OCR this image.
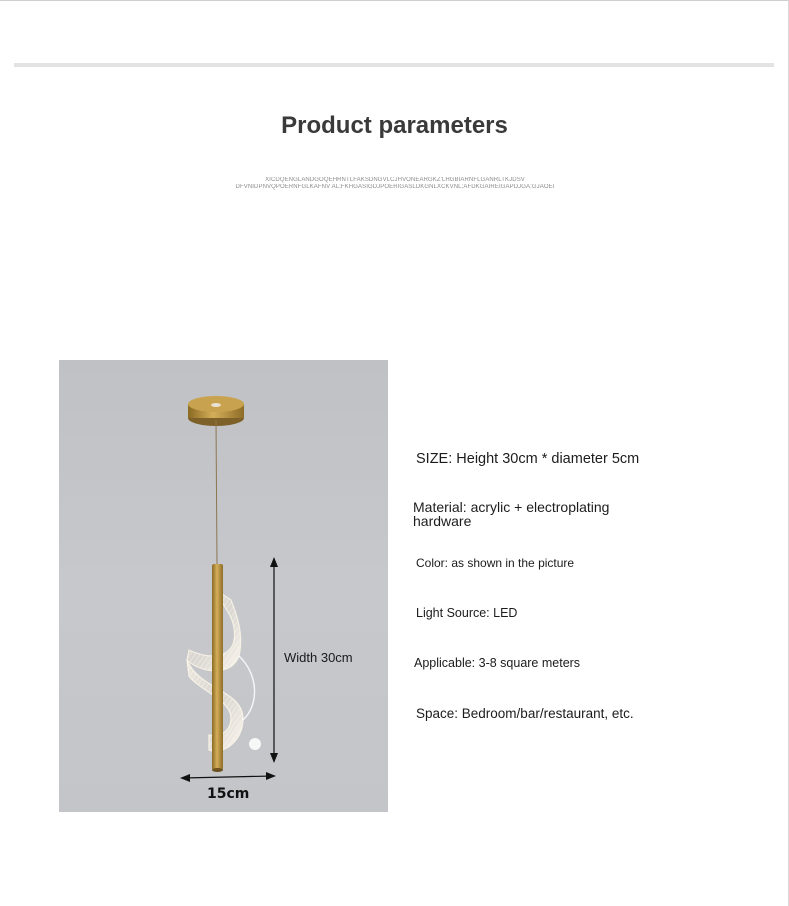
Product parameters
XICDQENGLANDGOQEHRNTLFAKSDNGVLCJHVONEARGKZ'LHGBIARNFLGANRLTKJDSV
DFVNIDPNVQPOERNFGLKAFNV AL;FKHGASIGDJPOERIGASLDKGNLXCKVNL;AFDKGAIREIGAPDJGA;GJAOEI
Width 30cm
15cm
SIZE: Height 30cm * diameter 5cm
Material: acrylic + electroplating hardware
Color: as shown in the picture
Light Source: LED
Applicable: 3-8 square meters
Space: Bedroom/bar/restaurant, etc.
